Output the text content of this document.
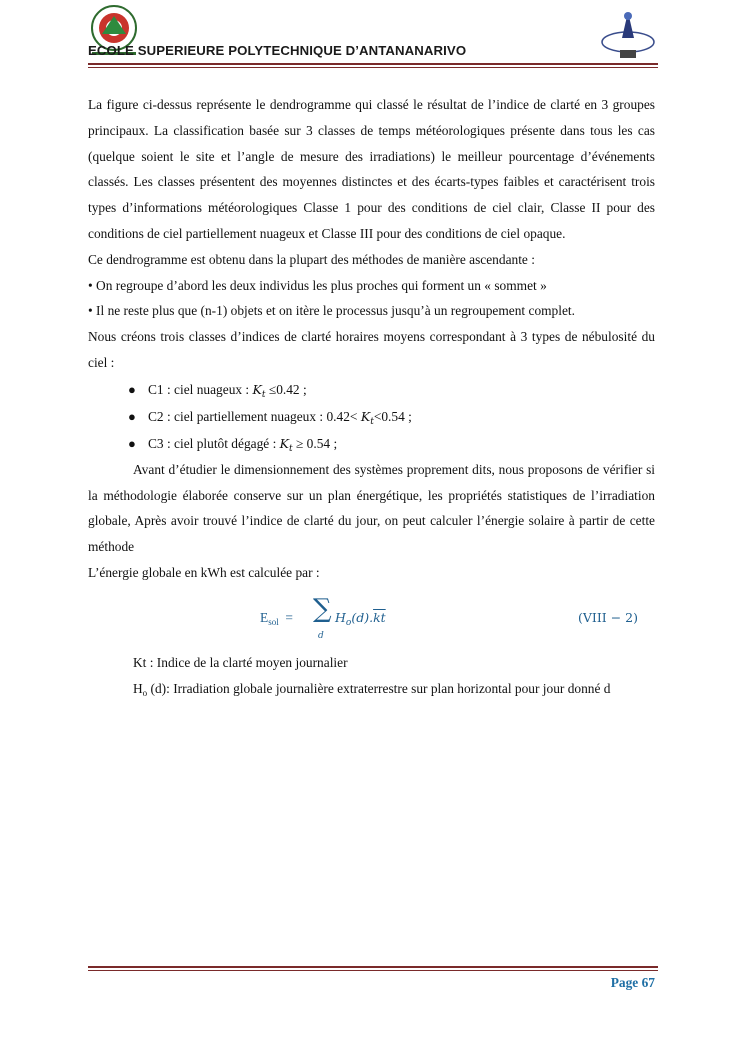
ECOLE SUPERIEURE POLYTECHNIQUE D’ANTANANARIVO

La figure ci-dessus représente le dendrogramme qui classé le résultat de l’indice de clarté en 3 groupes principaux. La classification basée sur 3 classes de temps météorologiques présente dans tous les cas (quelque soient le site et l’angle de mesure des irradiations) le meilleur pourcentage d’événements classés. Les classes présentent des moyennes distinctes et des écarts-types faibles et caractérisent trois types d’informations météorologiques Classe 1 pour des conditions de ciel clair, Classe II pour des conditions de ciel partiellement nuageux et Classe III pour des conditions de ciel opaque.

Ce dendrogramme est obtenu dans la plupart des méthodes de manière ascendante :

• On regroupe d’abord les deux individus les plus proches qui forment un « sommet »

• Il ne reste plus que (n-1) objets et on itère le processus jusqu’à un regroupement complet.

Nous créons trois classes d’indices de clarté horaires moyens correspondant à 3 types de nébulosité du ciel :

● C1 : ciel nuageux : $K_t \le 0.42$ ;
● C2 : ciel partiellement nuageux : $0.42< K_t<0.54$ ;
● C3 : ciel plutôt dégagé : $K_t \ge 0.54$ ;

Avant d’étudier le dimensionnement des systèmes proprement dits, nous proposons de vérifier si la méthodologie élaborée conserve sur un plan énergétique, les propriétés statistiques de l’irradiation globale, Après avoir trouvé l’indice de clarté du jour, on peut calculer l’énergie solaire à partir de cette méthode

L’énergie globale en kWh est calculée par :

$E_{sol}$ = ∑
d
$H_o(d).\overline{kt}$	(VIII − 2)

Kt : Indice de la clarté moyen journalier

$H_o$ (d): Irradiation globale journalière extraterrestre sur plan horizontal pour jour donné d

Page 67
